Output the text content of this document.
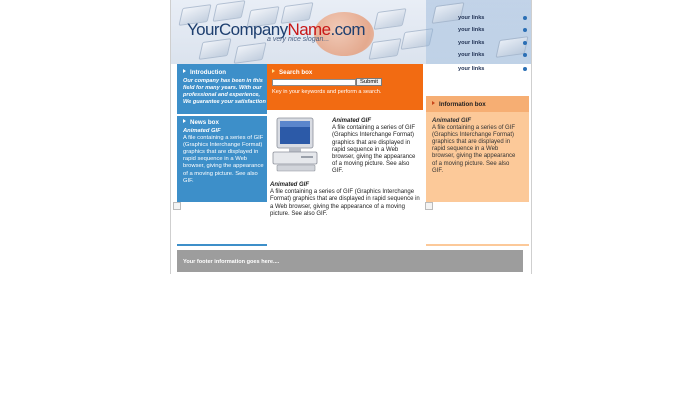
YourCompanyName.com
a very nice slogan...
your links
your links
your links
your links
your links
Introduction
Our company has been in this field for many years. With our professional and experience, We guarantee your satisfaction
News box
Animated GIF
A file containing a series of GIF (Graphics Interchange Format) graphics that are displayed in rapid sequence in a Web browser, giving the appearance of a moving picture. See also GIF.
Search box
Submit
Key in your keywords and perform a search.
Animated GIF
A file containing a series of GIF (Graphics Interchange Format) graphics that are displayed in rapid sequence in a Web browser, giving the appearance of a moving picture. See also GIF.
Animated GIF
A file containing a series of GIF (Graphics Interchange Format) graphics that are displayed in rapid sequence in a Web browser, giving the appearance of a moving picture. See also GIF.
Information box
Animated GIF
A file containing a series of GIF (Graphics Interchange Format) graphics that are displayed in rapid sequence in a Web browser, giving the appearance of a moving picture. See also GIF.
Your footer information goes here....
